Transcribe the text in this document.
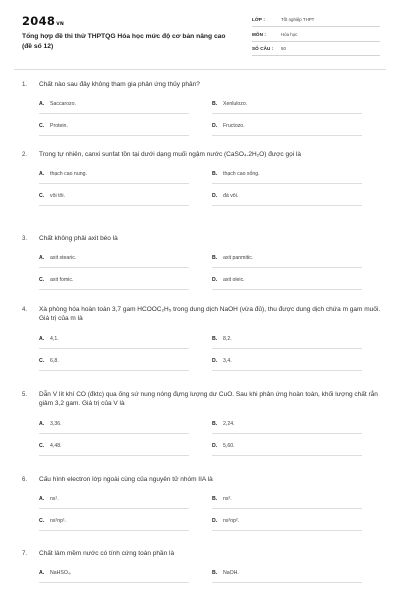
2048VN
Tổng hợp đề thi thử THPTQG Hóa học mức độ cơ bản nâng cao (đề số 12)
LỚP :	Tốt nghiệp THPT
MÔN :	Hóa học
SỐ CÂU : 50
1. Chất nào sau đây không tham gia phản ứng thủy phân?
A. Saccarozo.	B. Xenlulozo.
C. Protein.	D. Fructozo.
2. Trong tự nhiên, canxi sunfat tồn tại dưới dạng muối ngậm nước (CaSO₄.2H₂O) được gọi là
A. thạch cao nung.	B. thạch cao sống.
C. vôi tôi.	D. đá vôi.
3. Chất không phải axit béo là
A. axit stearic.	B. axit panmitic.
C. axit fomic.	D. axit oleic.
4. Xà phòng hóa hoàn toàn 3,7 gam HCOOC₂H₅ trong dung dịch NaOH (vừa đủ), thu được dung dịch chứa m gam muối. Giá trị của m là
A. 4,1.	B. 8,2.
C. 6,8.	D. 3,4.
5. Dẫn V lít khí CO (đktc) qua ống sứ nung nóng đựng lượng dư CuO. Sau khi phản ứng hoàn toàn, khối lượng chất rắn giảm 3,2 gam. Giá trị của V là
A. 3,36.	B. 2,24.
C. 4,48.	D. 5,60.
6. Cấu hình electron lớp ngoài cùng của nguyên tử nhóm IIA là
A. ns¹.	B. ns².
C. ns²np¹.	D. ns²np².
7. Chất làm mềm nước có tính cứng toàn phần là
A. NaHSO₄.	B. NaOH.
